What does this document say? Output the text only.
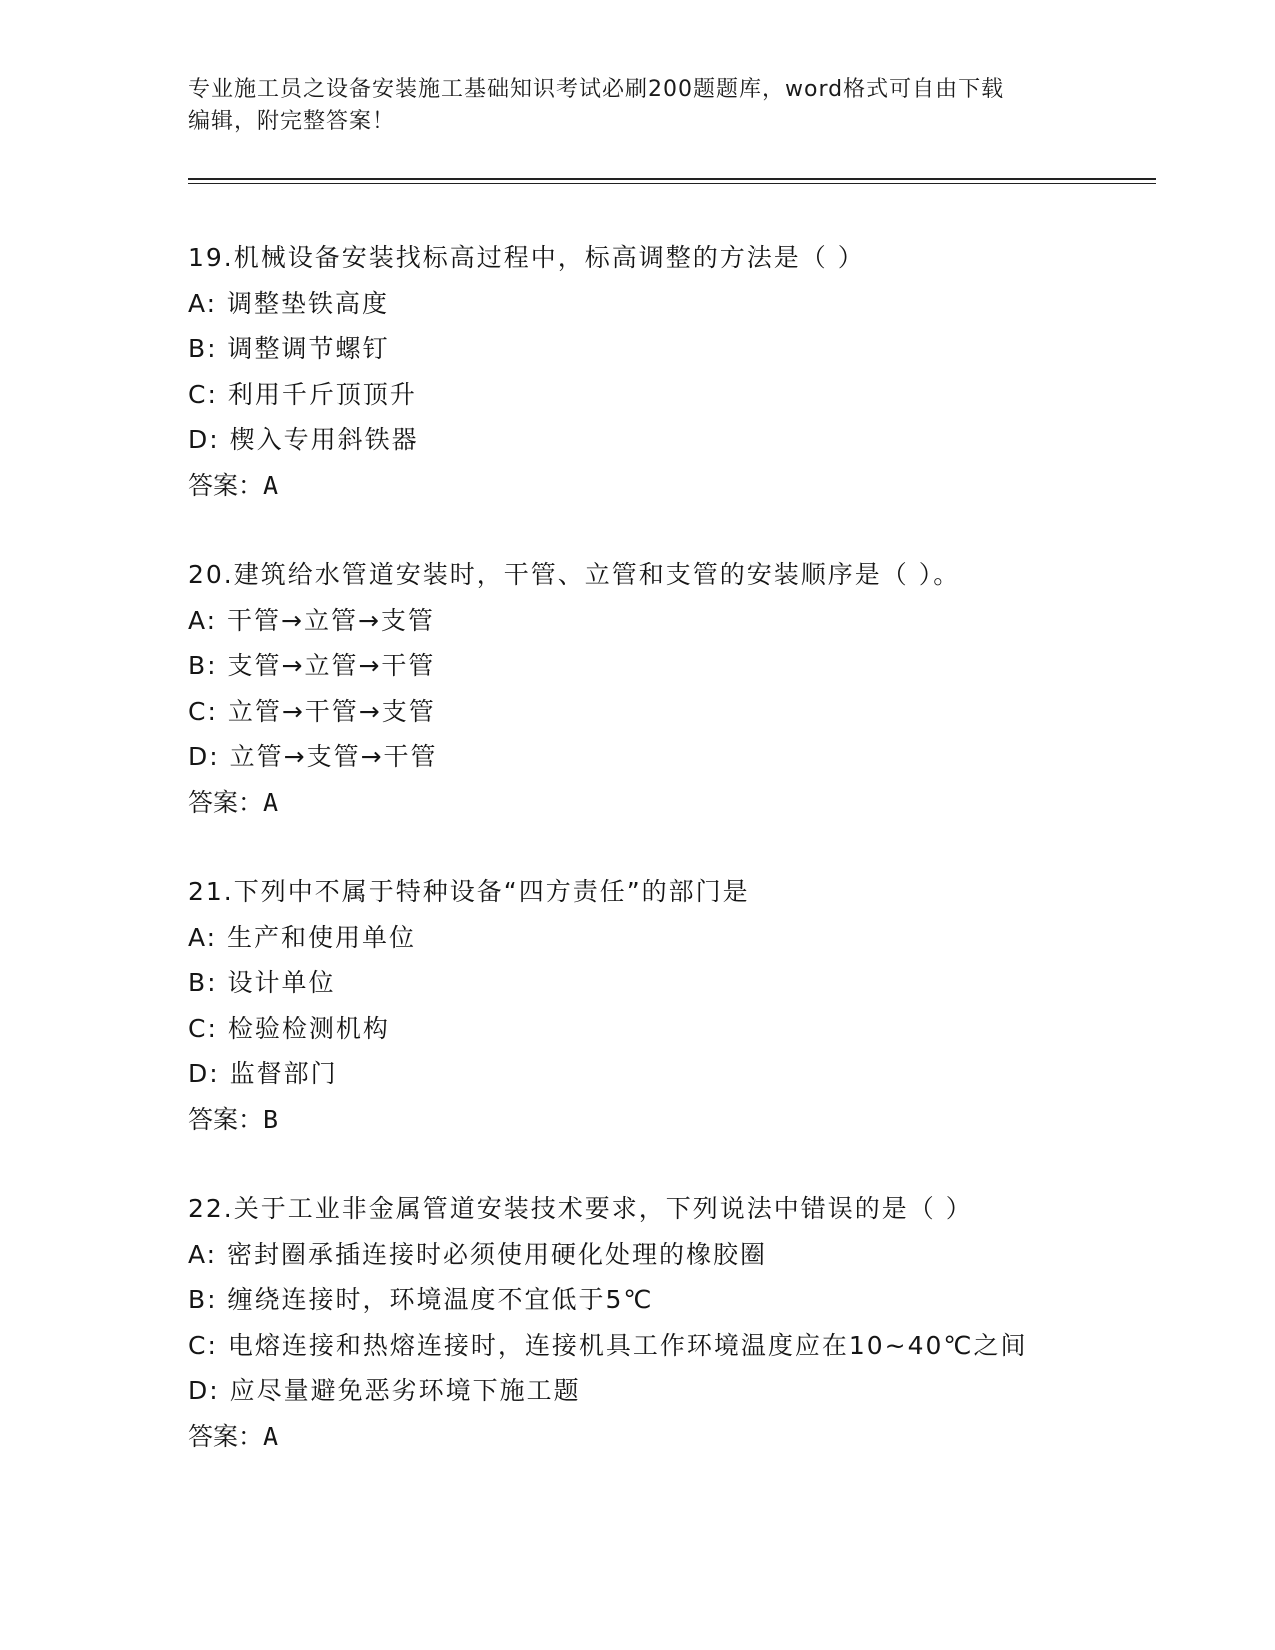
专业施工员之设备安装施工基础知识考试必刷200题题库，word格式可自由下载
编辑，附完整答案！
19.机械设备安装找标高过程中，标高调整的方法是（ ）
A: 调整垫铁高度
B: 调整调节螺钉
C: 利用千斤顶顶升
D: 楔入专用斜铁器
答案：A
20.建筑给水管道安装时，干管、立管和支管的安装顺序是（ ）。
A: 干管→立管→支管
B: 支管→立管→干管
C: 立管→干管→支管
D: 立管→支管→干管
答案：A
21.下列中不属于特种设备“四方责任”的部门是
A: 生产和使用单位
B: 设计单位
C: 检验检测机构
D: 监督部门
答案：B
22.关于工业非金属管道安装技术要求，下列说法中错误的是（ ）
A: 密封圈承插连接时必须使用硬化处理的橡胶圈
B: 缠绕连接时，环境温度不宜低于5℃
C: 电熔连接和热熔连接时，连接机具工作环境温度应在10~40℃之间
D: 应尽量避免恶劣环境下施工题
答案：A
